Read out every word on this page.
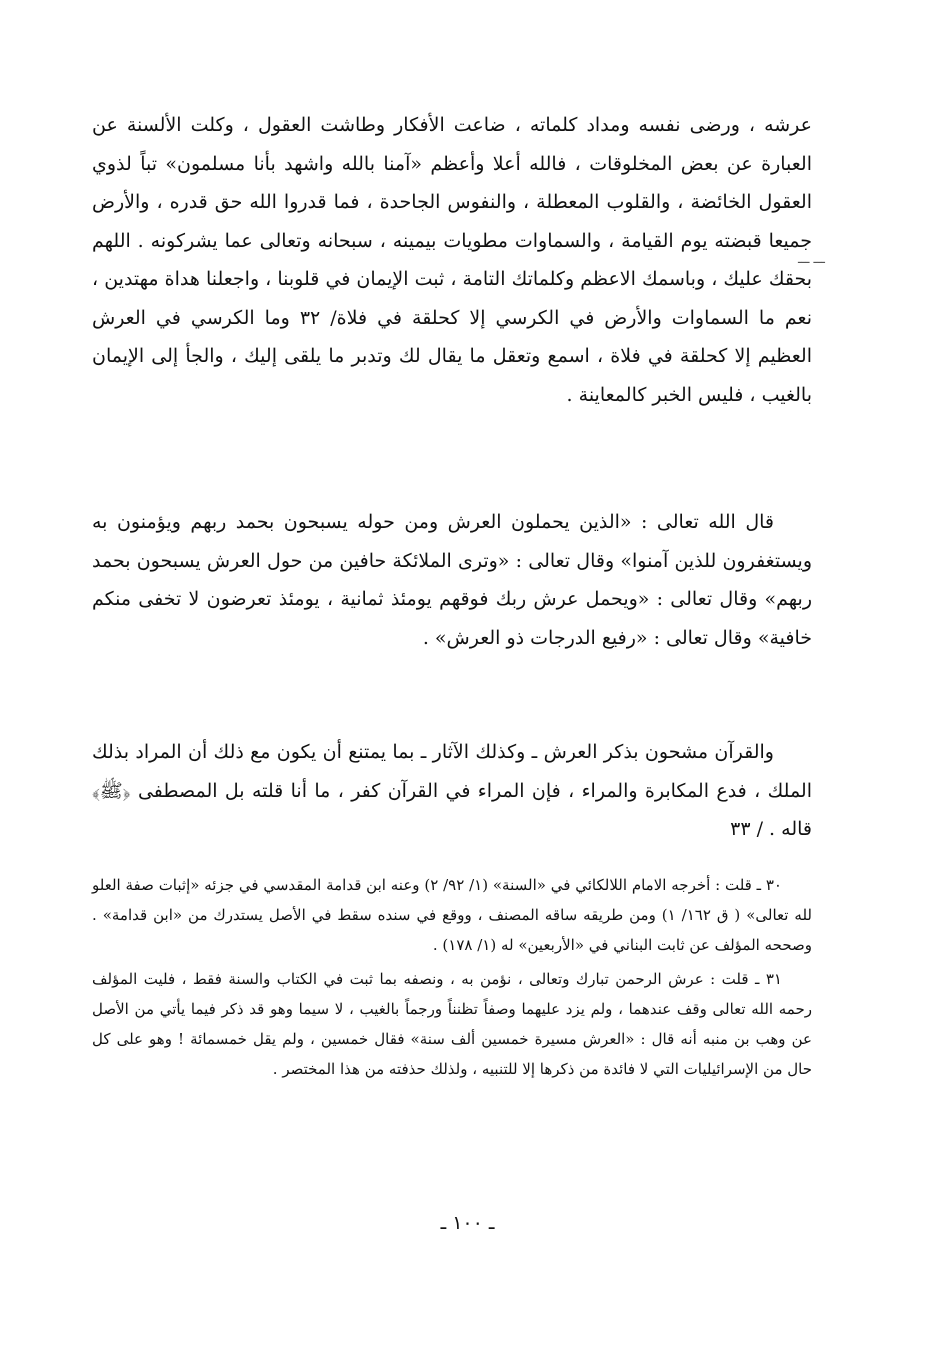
عرشه ، ورضى نفسه ومداد كلماته ، ضاعت الأفكار وطاشت العقول ، وكلت الألسنة عن العبارة عن بعض المخلوقات ، فالله أعلا وأعظم «آمنا بالله واشهد بأنا مسلمون» تباً لذوي العقول الخائضة ، والقلوب المعطلة ، والنفوس الجاحدة ، فما قدروا الله حق قدره ، والأرض جميعا قبضته يوم القيامة ، والسماوات مطويات بيمينه ، سبحانه وتعالى عما يشركونه . اللهم بحقك عليك ، وباسمك الاعظم وكلماتك التامة ، ثبت الإيمان في قلوبنا ، واجعلنا هداة مهتدين ، نعم ما السماوات والأرض في الكرسي إلا كحلقة في فلاة/ ٣٢ وما الكرسي في العرش العظيم إلا كحلقة في فلاة ، اسمع وتعقل ما يقال لك وتدبر ما يلقى إليك ، والجأ إلى الإيمان بالغيب ، فليس الخبر كالمعاينة .

ـــ ـــ

قال الله تعالى : «الذين يحملون العرش ومن حوله يسبحون بحمد ربهم ويؤمنون به ويستغفرون للذين آمنوا» وقال تعالى : «وترى الملائكة حافين من حول العرش يسبحون بحمد ربهم» وقال تعالى : «ويحمل عرش ربك فوقهم يومئذ ثمانية ، يومئذ تعرضون لا تخفى منكم خافية» وقال تعالى : «رفيع الدرجات ذو العرش» .

والقرآن مشحون بذكر العرش ـ وكذلك الآثار ـ بما يمتنع أن يكون مع ذلك أن المراد بذلك الملك ، فدع المكابرة والمراء ، فإن المراء في القرآن كفر ، ما أنا قلته بل المصطفى ﴿ﷺ﴾ قاله . / ٣٣

٣٠ ـ قلت : أخرجه الامام اللالكائي في «السنة» (١/ ٩٢/ ٢) وعنه ابن قدامة المقدسي في جزئه «إثبات صفة العلو لله تعالى» ( ق ١٦٢/ ١) ومن طريقه ساقه المصنف ، ووقع في سنده سقط في الأصل يستدرك من «ابن قدامة» . وصححه المؤلف عن ثابت البناني في «الأربعين» له (١/ ١٧٨) .

٣١ ـ قلت : عرش الرحمن تبارك وتعالى ، نؤمن به ، ونصفه بما ثبت في الكتاب والسنة فقط ، فليت المؤلف رحمه الله تعالى وقف عندهما ، ولم يزد عليهما وصفاً تظنناً ورجماً بالغيب ، لا سيما وهو قد ذكر فيما يأتي من الأصل عن وهب بن منبه أنه قال : «العرش مسيرة خمسين ألف سنة» فقال خمسين ، ولم يقل خمسمائة ! وهو على كل حال من الإسرائيليات التي لا فائدة من ذكرها إلا للتنبيه ، ولذلك حذفته من هذا المختصر .

ـ ١٠٠ ـ
